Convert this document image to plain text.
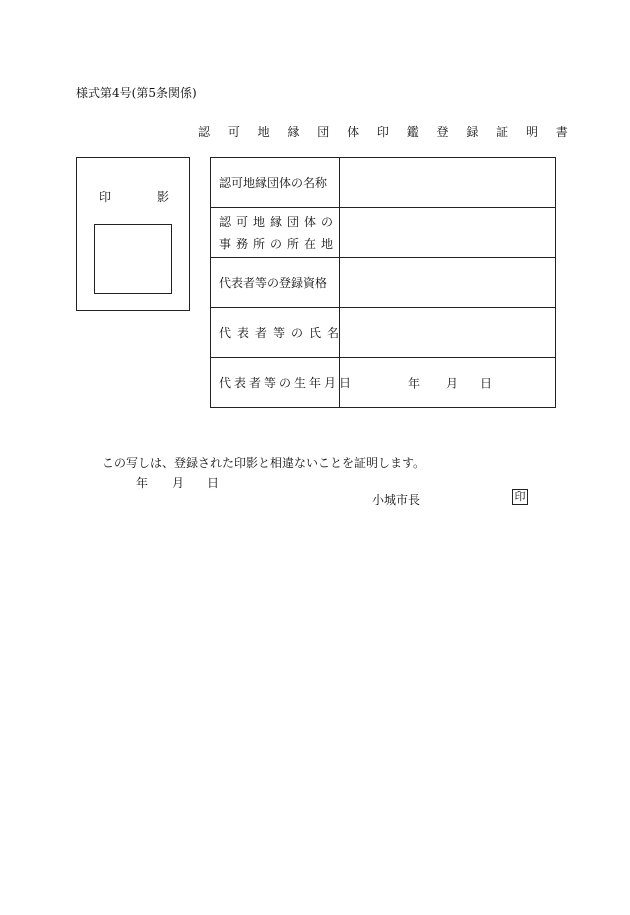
様式第4号(第5条関係)
認 可 地 縁 団 体 印 鑑 登 録 証 明 書
印	影
認可地縁団体の名称	

認可地縁団体の
事務所の所在地	

代表者等の登録資格	
代表者等の氏名	
代表者等の生年月日	年 月 日
この写しは、登録された印影と相違ないことを証明します。
年 月 日
小城市長	印
